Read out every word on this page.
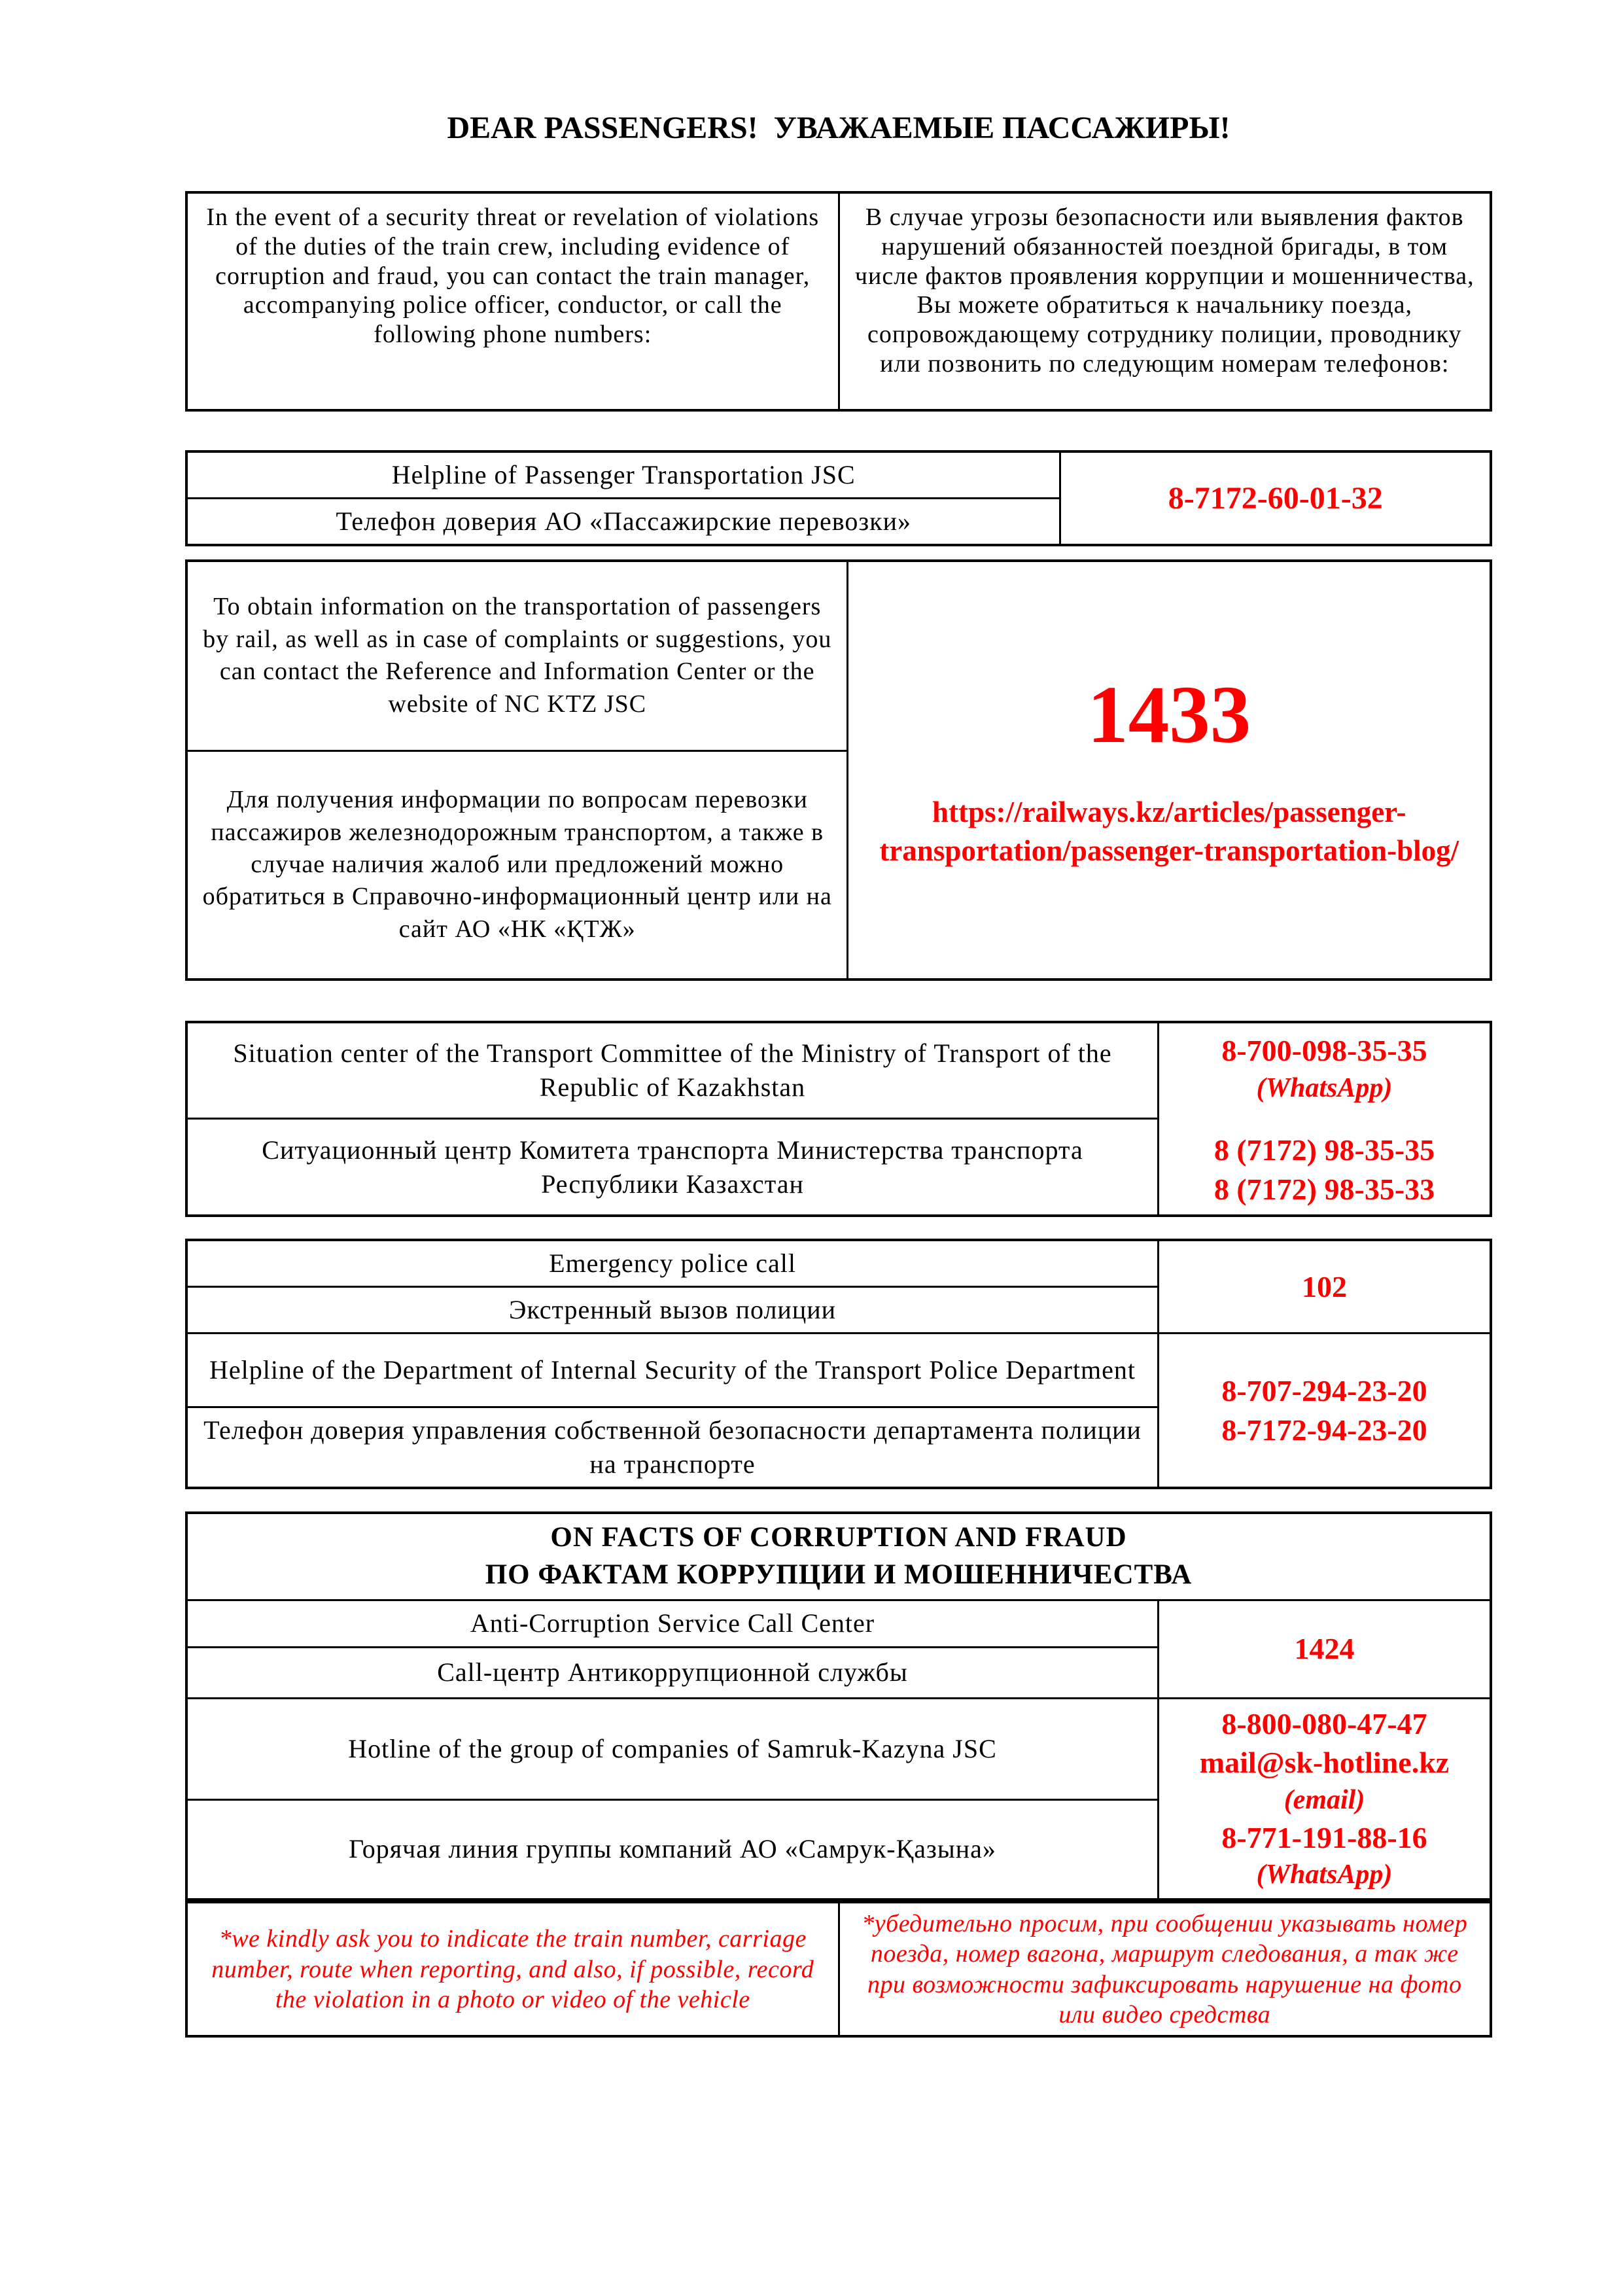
DEAR PASSENGERS!  УВАЖАЕМЫЕ ПАССАЖИРЫ!
In the event of a security threat or revelation of violations of the duties of the train crew, including evidence of corruption and fraud, you can contact the train manager, accompanying police officer, conductor, or call the following phone numbers:

В случае угрозы безопасности или выявления фактов нарушений обязанностей поездной бригады, в том числе фактов проявления коррупции и мошенничества, Вы можете обратиться к начальнику поезда, сопровождающему сотруднику полиции, проводнику или позвонить по следующим номерам телефонов:
Helpline of Passenger Transportation JSC

8-7172-60-01-32

Телефон доверия АО «Пассажирские перевозки»
To obtain information on the transportation of passengers by rail, as well as in case of complaints or suggestions, you can contact the Reference and Information Center or the website of NC KTZ JSC	1433
https://railways.kz/articles/passenger-transportation/passenger-transportation-blog/

Для получения информации по вопросам перевозки пассажиров железнодорожным транспортом, а также в случае наличия жалоб или предложений можно обратиться в Справочно-информационный центр или на сайт АО «НК «ҚТЖ»
Situation center of the Transport Committee of the Ministry of Transport of the Republic of Kazakhstan

8-700-098-35-35
(WhatsApp)
8 (7172) 98-35-35
8 (7172) 98-35-33

Ситуационный центр Комитета транспорта Министерства транспорта Республики Казахстан
Emergency police call	102

Экстренный вызов полиции	

Helpline of the Department of Internal Security of the Transport Police Department	8-707-294-23-20
8-7172-94-23-20

Телефон доверия управления собственной безопасности департамента полиции на транспорте	
ON FACTS OF CORRUPTION AND FRAUD
ПО ФАКТАМ КОРРУПЦИИ И МОШЕННИЧЕСТВА	

Anti-Corruption Service Call Center	1424

Call-центр Антикоррупционной службы	

Hotline of the group of companies of Samruk-Kazyna JSC	8-800-080-47-47
mail@sk-hotline.kz
(email)
8-771-191-88-16
(WhatsApp)

Горячая линия группы компаний АО «Самрук-Қазына»	
*we kindly ask you to indicate the train number, carriage number, route when reporting, and also, if possible, record the violation in a photo or video of the vehicle

*убедительно просим, при сообщении указывать номер поезда, номер вагона, маршрут следования, а так же при возможности зафиксировать нарушение на фото или видео средства
